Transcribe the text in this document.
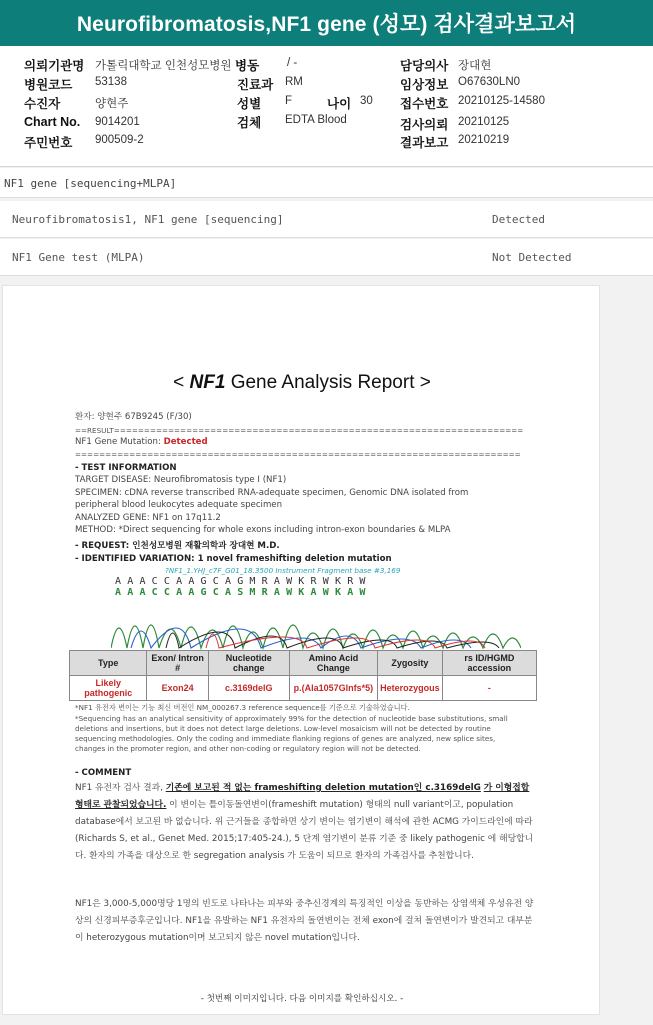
Neurofibromatosis,NF1 gene (성모) 검사결과보고서
의뢰기관명 가톨릭대학교 인천성모병원 병동 / -	담당의사 장대현
병원코드 53138	진료과 RM	임상정보 O67630LN0
수진자	양현주	성별 F	나이 30 접수번호 20210125-14580
Chart No. 9014201	검체 EDTA Blood	검사의뢰 20210125
주민번호 900509-2	결과보고 20210219
NF1 gene [sequencing+MLPA]
Neurofibromatosis1, NF1 gene [sequencing]	Detected
NF1 Gene test (MLPA)	Not Detected
< NF1 Gene Analysis Report >
환자: 양현주 67B9245 (F/30)
==RESULT====================================================================
NF1 Gene Mutation: Detected
==========================================================================
- TEST INFORMATION
TARGET DISEASE: Neurofibromatosis type I (NF1)
SPECIMEN: cDNA reverse transcribed RNA-adequate specimen, Genomic DNA isolated from
peripheral blood leukocytes adequate specimen
ANALYZED GENE: NF1 on 17q11.2
METHOD: *Direct sequencing for whole exons including intron-exon boundaries & MLPA
- REQUEST: 인천성모병원 재활의학과 장대현 M.D.
- IDENTIFIED VARIATION: 1 novel frameshifting deletion mutation
?NF1_1.YHJ_c7F_G01_18.3500 Instrument Fragment base #3,169
AAACCAAGCAGMRAWKRWKRW
AAACCAAGCASMRAWKAWKAW
Type	Exon/ Intron #	Nucleotide change	Amino Acid Change	Zygosity	rs ID/HGMD accession
Likely pathogenic	Exon24	c.3169delG	p.(Ala1057Glnfs*5)	Heterozygous	-
*NF1 유전자 변이는 기능 최신 버전인 NM_000267.3 reference sequence를 기준으로 기술하였습니다.
*Sequencing has an analytical sensitivity of approximately 99% for the detection of nucleotide base substitutions, small
deletions and insertions, but it does not detect large deletions. Low-level mosaicism will not be detected by routine
sequencing methodologies. Only the coding and immediate flanking regions of genes are analyzed, new splice sites,
changes in the promoter region, and other non-coding or regulatory region will not be detected.
- COMMENT
NF1 유전자 검사 결과, 기존에 보고된 적 없는 frameshifting deletion mutation인 c.3169delG 가 이형접합 형태로 관찰되었습니다. 이 변이는 틀이동돌연변이(frameshift mutation) 형태의 null variant이고, population database에서 보고된 바 없습니다. 위 근거들을 종합하면 상기 변이는 염기변이 해석에 관한 ACMG 가이드라인에 따라 (Richards S, et al., Genet Med. 2015;17:405-24.), 5 단계 염기변이 분류 기준 중 likely pathogenic 에 해당합니다. 환자의 가족을 대상으로 한 segregation analysis 가 도움이 되므로 환자의 가족검사를 추천합니다.
NF1은 3,000-5,000명당 1명의 빈도로 나타나는 피부와 중추신경계의 특징적인 이상을 동반하는 상염색체 우성유전 양상의 신경피부증후군입니다. NF1을 유발하는 NF1 유전자의 돌연변이는 전체 exon에 걸쳐 돌연변이가 발견되고 대부분이 heterozygous mutation이며 보고되지 않은 novel mutation입니다.
- 첫번째 이미지입니다. 다음 이미지를 확인하십시오. -
